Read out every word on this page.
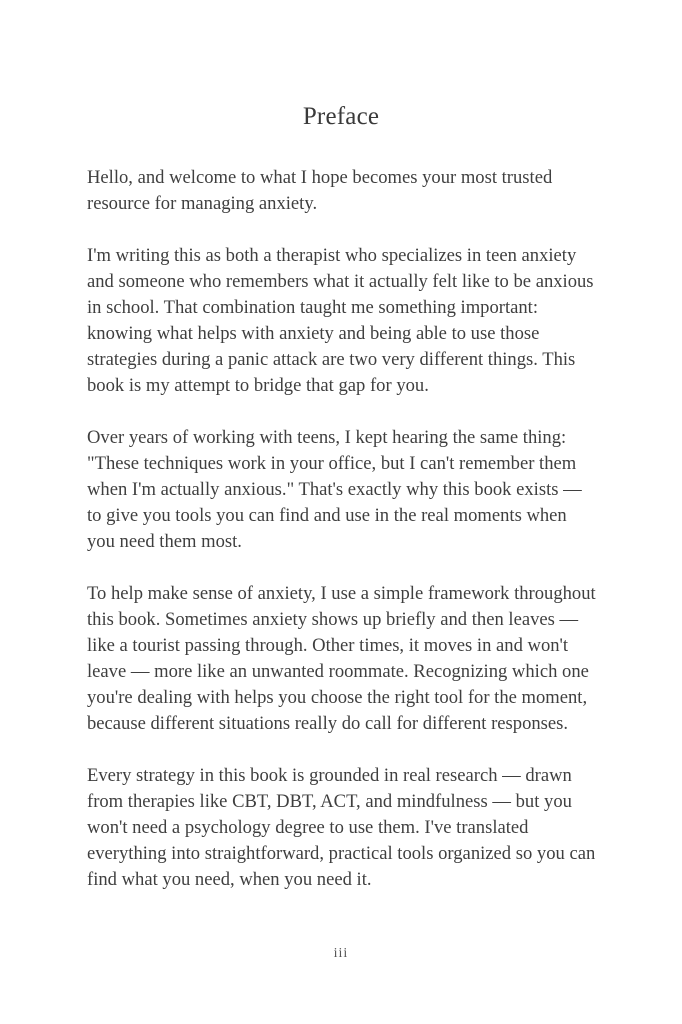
Preface

Hello, and welcome to what I hope becomes your most trusted resource for managing anxiety.

I'm writing this as both a therapist who specializes in teen anxiety and someone who remembers what it actually felt like to be anxious in school. That combination taught me something important: knowing what helps with anxiety and being able to use those strategies during a panic attack are two very different things. This book is my attempt to bridge that gap for you.

Over years of working with teens, I kept hearing the same thing: "These techniques work in your office, but I can't remember them when I'm actually anxious." That's exactly why this book exists — to give you tools you can find and use in the real moments when you need them most.

To help make sense of anxiety, I use a simple framework throughout this book. Sometimes anxiety shows up briefly and then leaves — like a tourist passing through. Other times, it moves in and won't leave — more like an unwanted roommate. Recognizing which one you're dealing with helps you choose the right tool for the moment, because different situations really do call for different responses.

Every strategy in this book is grounded in real research — drawn from therapies like CBT, DBT, ACT, and mindfulness — but you won't need a psychology degree to use them. I've translated everything into straightforward, practical tools organized so you can find what you need, when you need it.

iii
